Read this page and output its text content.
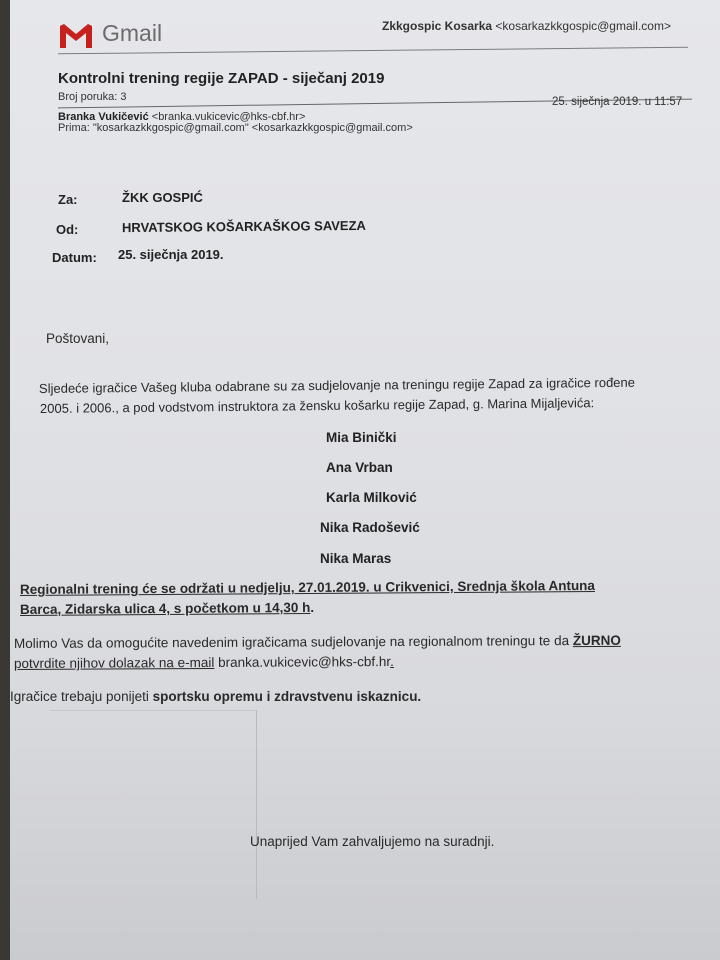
Gmail	Zkkgospic Kosarka <kosarkazkkgospic@gmail.com>
Kontrolni trening regije ZAPAD - siječanj 2019
Broj poruka: 3	25. siječnja 2019. u 11:57
Branka Vukičević <branka.vukicevic@hks-cbf.hr>
Prima: "kosarkazkkgospic@gmail.com" <kosarkazkkgospic@gmail.com>
Za:	ŽKK GOSPIĆ
Od:	HRVATSKOG KOŠARKAŠKOG SAVEZA
Datum: 25. siječnja 2019.
Poštovani,
Sljedeće igračice Vašeg kluba odabrane su za sudjelovanje na treningu regije Zapad za igračice rođene
2005. i 2006., a pod vodstvom instruktora za žensku košarku regije Zapad, g. Marina Mijaljevića:
Mia Binički
Ana Vrban
Karla Milković
Nika Radošević
Nika Maras
Regionalni trening će se održati u nedjelju, 27.01.2019. u Crikvenici, Srednja škola Antuna
Barca, Zidarska ulica 4, s početkom u 14,30 h.
Molimo Vas da omogućite navedenim igračicama sudjelovanje na regionalnom treningu te da ŽURNO
potvrdite njihov dolazak na e-mail branka.vukicevic@hks-cbf.hr.
Igračice trebaju ponijeti sportsku opremu i zdravstvenu iskaznicu.
Unaprijed Vam zahvaljujemo na suradnji.
